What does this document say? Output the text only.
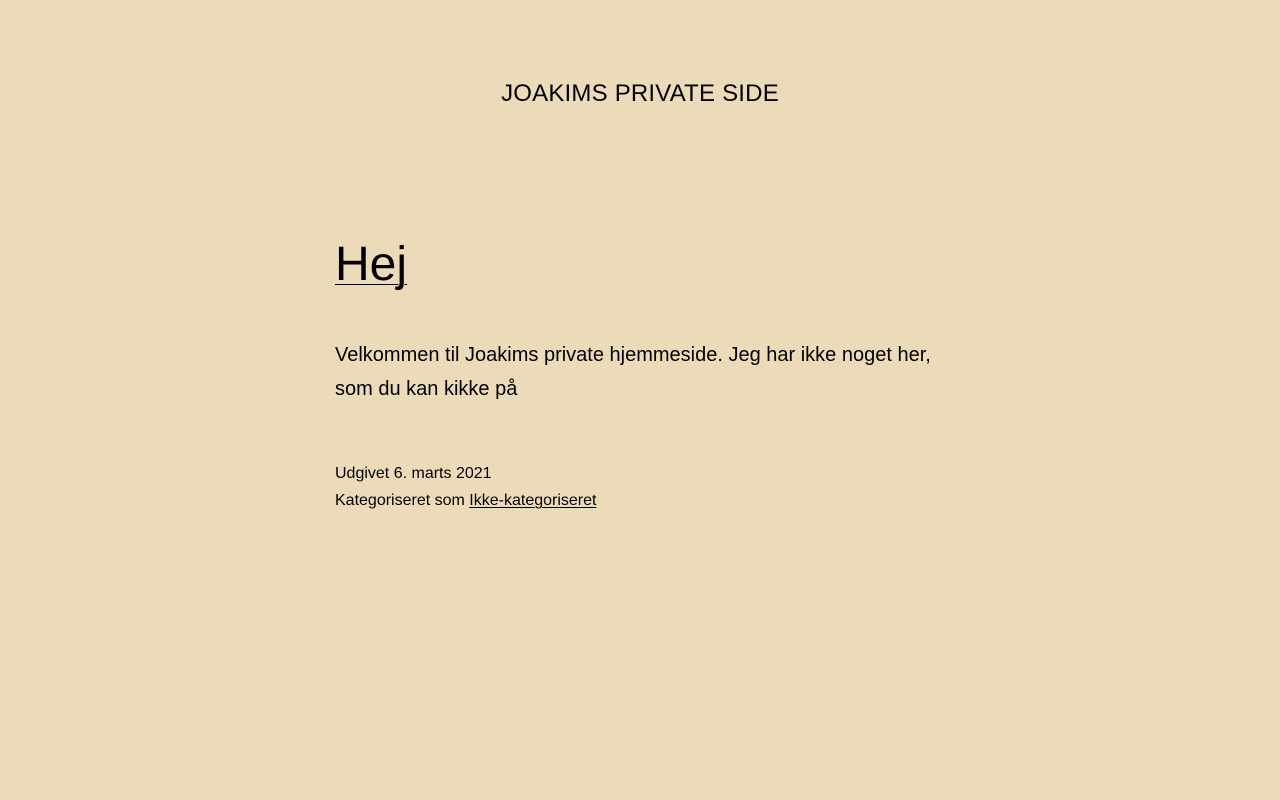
JOAKIMS PRIVATE SIDE
Hej

Velkommen til Joakims private hjemmeside. Jeg har ikke noget her, som du kan kikke på

Udgivet 6. marts 2021
Kategoriseret som Ikke-kategoriseret
